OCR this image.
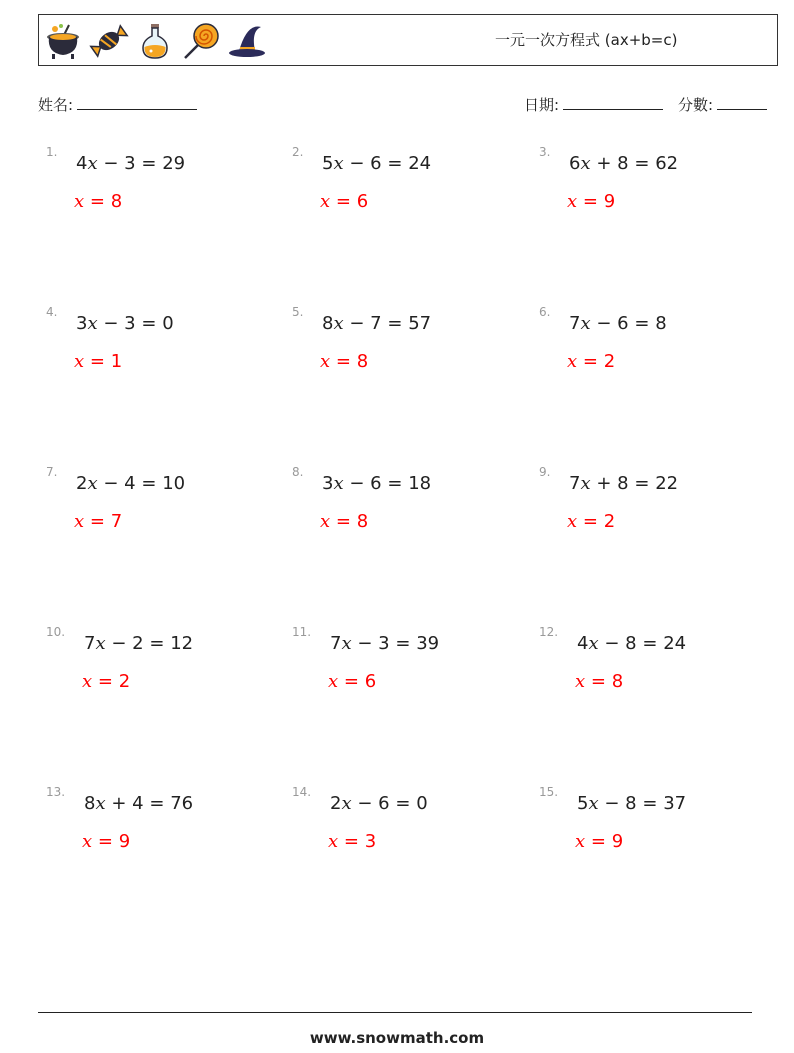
一元一次方程式 (ax+b=c)
姓名:	日期:	分數:
1.
4x − 3 = 29
x = 8
2.
5x − 6 = 24
x = 6
3.
6x + 8 = 62
x = 9
4.
3x − 3 = 0
x = 1
5.
8x − 7 = 57
x = 8
6.
7x − 6 = 8
x = 2
7.
2x − 4 = 10
x = 7
8.
3x − 6 = 18
x = 8
9.
7x + 8 = 22
x = 2
10.
7x − 2 = 12
x = 2
11.
7x − 3 = 39
x = 6
12.
4x − 8 = 24
x = 8
13.
8x + 4 = 76
x = 9
14.
2x − 6 = 0
x = 3
15.
5x − 8 = 37
x = 9
www.snowmath.com
